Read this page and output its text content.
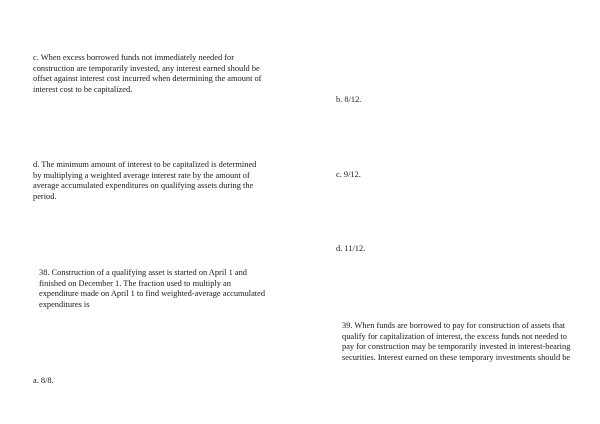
c. When excess borrowed funds not immediately needed for construction are temporarily invested, any interest earned should be offset against interest cost incurred when determining the amount of interest cost to be capitalized.
d. The minimum amount of interest to be capitalized is determined by multiplying a weighted average interest rate by the amount of average accumulated expenditures on qualifying assets during the period.
38. Construction of a qualifying asset is started on April 1 and finished on December 1. The fraction used to multiply an expenditure made on April 1 to find weighted-average accumulated expenditures is
a. 8/8.
b. 8/12.
c. 9/12.
d. 11/12.
39. When funds are borrowed to pay for construction of assets that qualify for capitalization of interest, the excess funds not needed to pay for construction may be temporarily invested in interest-bearing securities. Interest earned on these temporary investments should be
